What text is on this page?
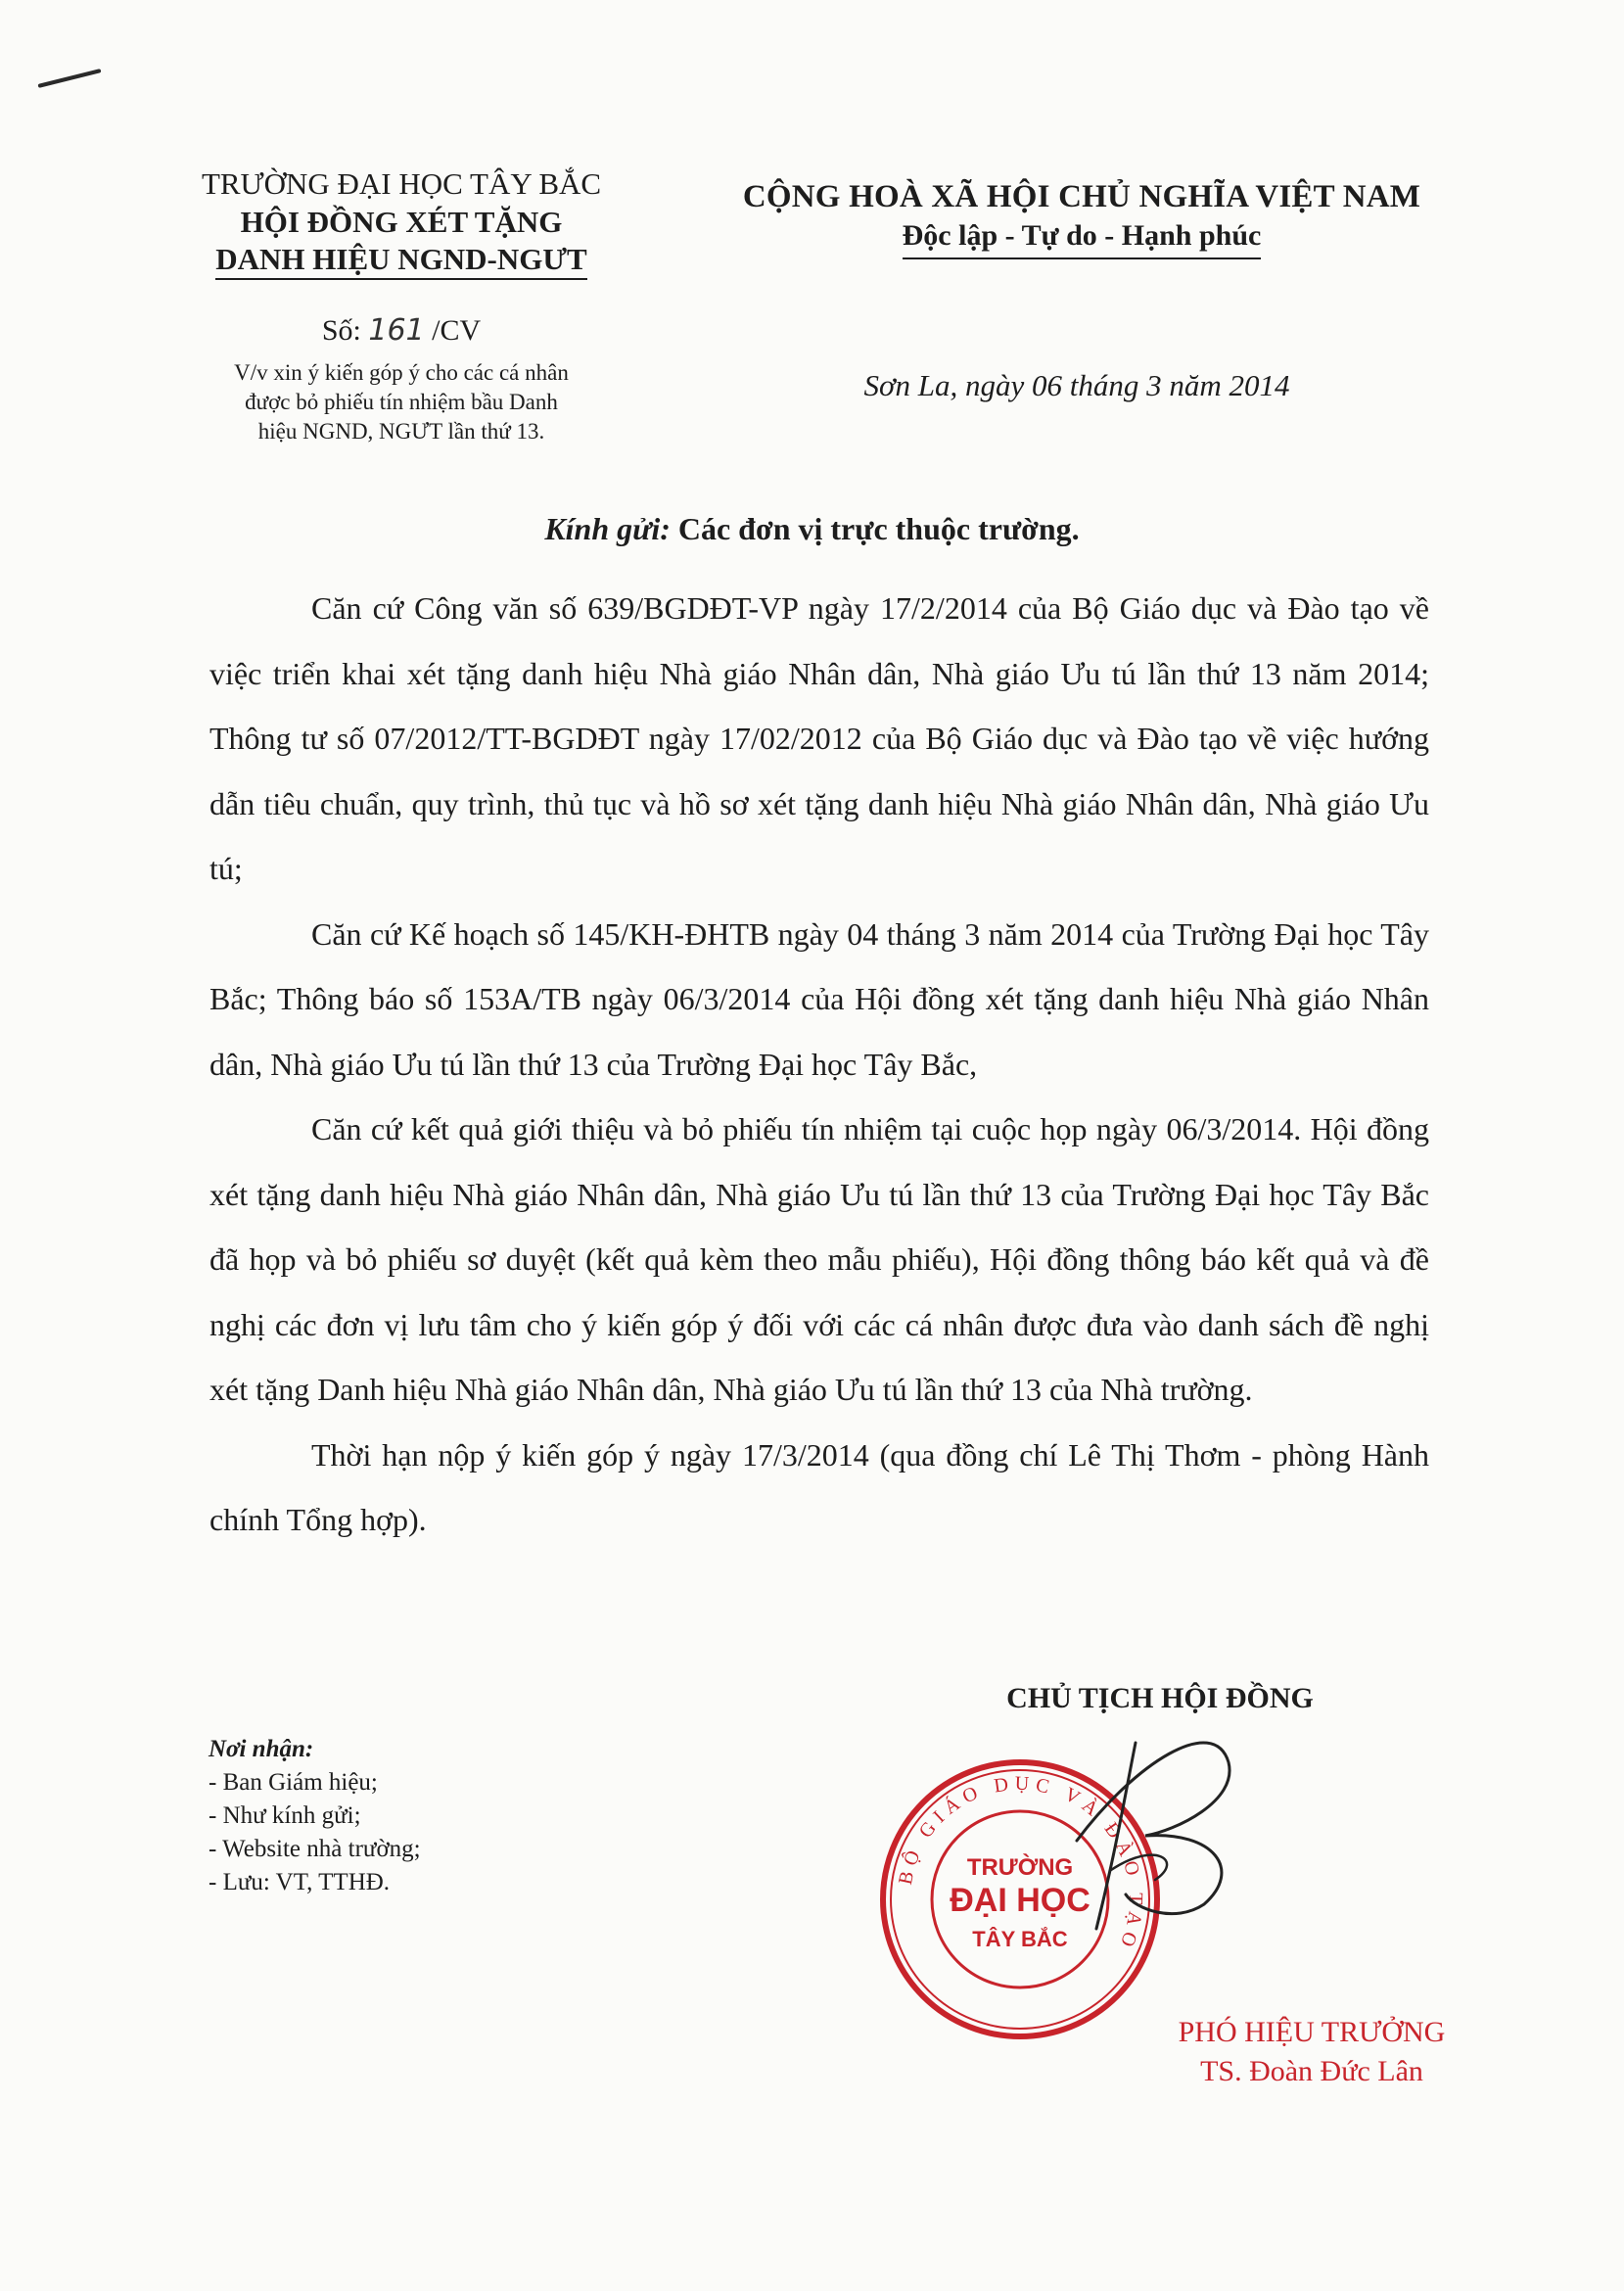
TRƯỜNG ĐẠI HỌC TÂY BẮC
HỘI ĐỒNG XÉT TẶNG
DANH HIỆU NGND-NGƯT
Số: 161 /CV
V/v xin ý kiến góp ý cho các cá nhân
được bỏ phiếu tín nhiệm bầu Danh
hiệu NGND, NGƯT lần thứ 13.
CỘNG HOÀ XÃ HỘI CHỦ NGHĨA VIỆT NAM
Độc lập - Tự do - Hạnh phúc
Sơn La, ngày 06 tháng 3 năm 2014
Kính gửi: Các đơn vị trực thuộc trường.

Căn cứ Công văn số 639/BGDĐT-VP ngày 17/2/2014 của Bộ Giáo dục và Đào tạo về việc triển khai xét tặng danh hiệu Nhà giáo Nhân dân, Nhà giáo Ưu tú lần thứ 13 năm 2014; Thông tư số 07/2012/TT-BGDĐT ngày 17/02/2012 của Bộ Giáo dục và Đào tạo về việc hướng dẫn tiêu chuẩn, quy trình, thủ tục và hồ sơ xét tặng danh hiệu Nhà giáo Nhân dân, Nhà giáo Ưu tú;

Căn cứ Kế hoạch số 145/KH-ĐHTB ngày 04 tháng 3 năm 2014 của Trường Đại học Tây Bắc; Thông báo số 153A/TB ngày 06/3/2014 của Hội đồng xét tặng danh hiệu Nhà giáo Nhân dân, Nhà giáo Ưu tú lần thứ 13 của Trường Đại học Tây Bắc,

Căn cứ kết quả giới thiệu và bỏ phiếu tín nhiệm tại cuộc họp ngày 06/3/2014. Hội đồng xét tặng danh hiệu Nhà giáo Nhân dân, Nhà giáo Ưu tú lần thứ 13 của Trường Đại học Tây Bắc đã họp và bỏ phiếu sơ duyệt (kết quả kèm theo mẫu phiếu), Hội đồng thông báo kết quả và đề nghị các đơn vị lưu tâm cho ý kiến góp ý đối với các cá nhân được đưa vào danh sách đề nghị xét tặng Danh hiệu Nhà giáo Nhân dân, Nhà giáo Ưu tú lần thứ 13 của Nhà trường.

Thời hạn nộp ý kiến góp ý ngày 17/3/2014 (qua đồng chí Lê Thị Thơm - phòng Hành chính Tổng hợp).

CHỦ TỊCH HỘI ĐỒNG
Nơi nhận:
- Ban Giám hiệu;
- Như kính gửi;
- Website nhà trường;
- Lưu: VT, TTHĐ.	BỘ GIÁO DỤC VÀ ĐÀO TẠO
TRƯỜNG
ĐẠI HỌC
TÂY BẮC
PHÓ HIỆU TRƯỞNG
TS. Đoàn Đức Lân
